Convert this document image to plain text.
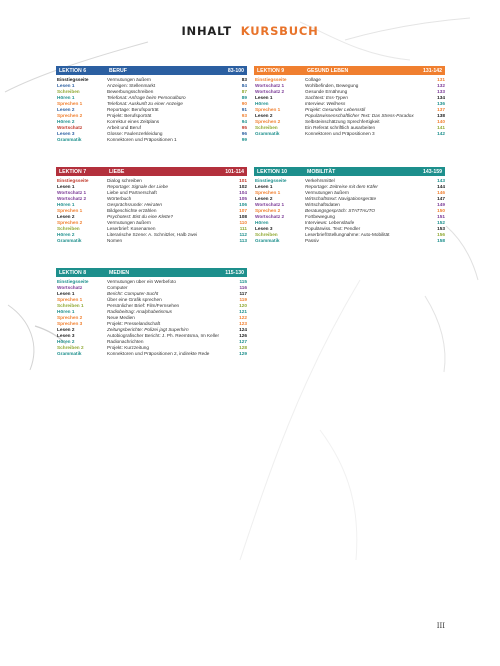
INHALT KURSBUCH
LEKTION 6	BERUF	83-100
Einstiegsseite	Vermutungen äußern	83
Lesen 1	Anzeigen: Stellenmarkt	84
Schreiben	Bewerbungsschreiben	87
Hören 1	Telefonat: Anfrage beim Personalbüro	89
Sprechen 1	Telefonat: Auskunft zu einer Anzeige	90
Lesen 2	Reportage: Berufsporträt	91
Sprechen 2	Projekt: Berufsporträt	93
Hören 2	Korrektur eines Zeitplans	94
Wortschatz	Arbeit und Beruf	95
Lesen 3	Glosse: Faulenzerkleidung	96
Grammatik	Konnektoren und Präpositionen 1	99
LEKTION 9	GESUND LEBEN	131-142
Einstiegsseite	Collage	131
Wortschatz 1	Wohlbefinden, Bewegung	132
Wortschatz 2	Gesunde Ernährung	133
Lesen 1	Sachtext: Ess-Typen	134
Hören	Interview: Wellness	136
Sprechen 1	Projekt: Gesunder Lebensstil	137
Lesen 2	Populärwissenschaftlicher Text: Das Stress-Paradox	138
Sprechen 2	Selbsteinschätzung Sprechfertigkeit	140
Schreiben	Ein Referat schriftlich ausarbeiten	141
Grammatik	Konnektoren und Präpositionen 3	142
LEKTION 7	LIEBE	101-114
Einstiegsseite	Dialog schreiben	101
Lesen 1	Reportage: Signale der Liebe	102
Wortschatz 1	Liebe und Partnerschaft	104
Wortschatz 2	Wörterbuch	105
Hören 1	Gesprächsrunde: Heiraten	106
Sprechen 1	Bildgeschichte erzählen	107
Lesen 2	Psychotest: Bist du eine Klette?	108
Sprechen 2	Vermutungen äußern	110
Schreiben	Leserbrief: Kosenamen	111
Hören 2	Literarische Szene: A. Schnitzler, Halb zwei	112
Grammatik	Nomen	113
LEKTION 10	MOBILITÄT	143-159
Einstiegsseite	Verkehrsmittel	143
Lesen 1	Reportage: Zeitreise mit dem Käfer	144
Sprechen 1	Vermutungen äußern	146
Lesen 2	Wirtschaftstext: Navigationsgeräte	147
Wortschatz 1	Wirtschaftsdaten	149
Sprechen 2	Beratungsgespräch: STATTAUTO	150
Wortschatz 2	Fortbewegung	151
Hören	Interviews: Lebensläufe	152
Lesen 3	Populärwiss. Text: Pendler	153
Schreiben	Leserbrief/Stellungnahme: Auto-Mobilität	156
Grammatik	Passiv	158
LEKTION 8	MEDIEN	115-130
Einstiegsseite	Vermutungen über ein Werbefoto	115
Wortschatz	Computer	116
Lesen 1	Bericht: Computer-Sucht	117
Sprechen 1	Über eine Grafik sprechen	119
Schreiben 1	Persönlicher Brief: Film/Fernsehen	120
Hören 1	Radiobeitrag: Analphabetismus	121
Sprechen 2	Neue Medien	122
Sprechen 3	Projekt: Presselandschaft	123
Lesen 2	Zeitungsberichte: Polizei jagt Superhirn	124
Lesen 3	Autobiografischer Bericht: J. Ph. Reemtsma, Im Keller	126
Hören 2	Radionachrichten	127
Schreiben 2	Projekt: Kurzzeitung	128
Grammatik	Konnektoren und Präpositionen 2, indirekte Rede	129
III
